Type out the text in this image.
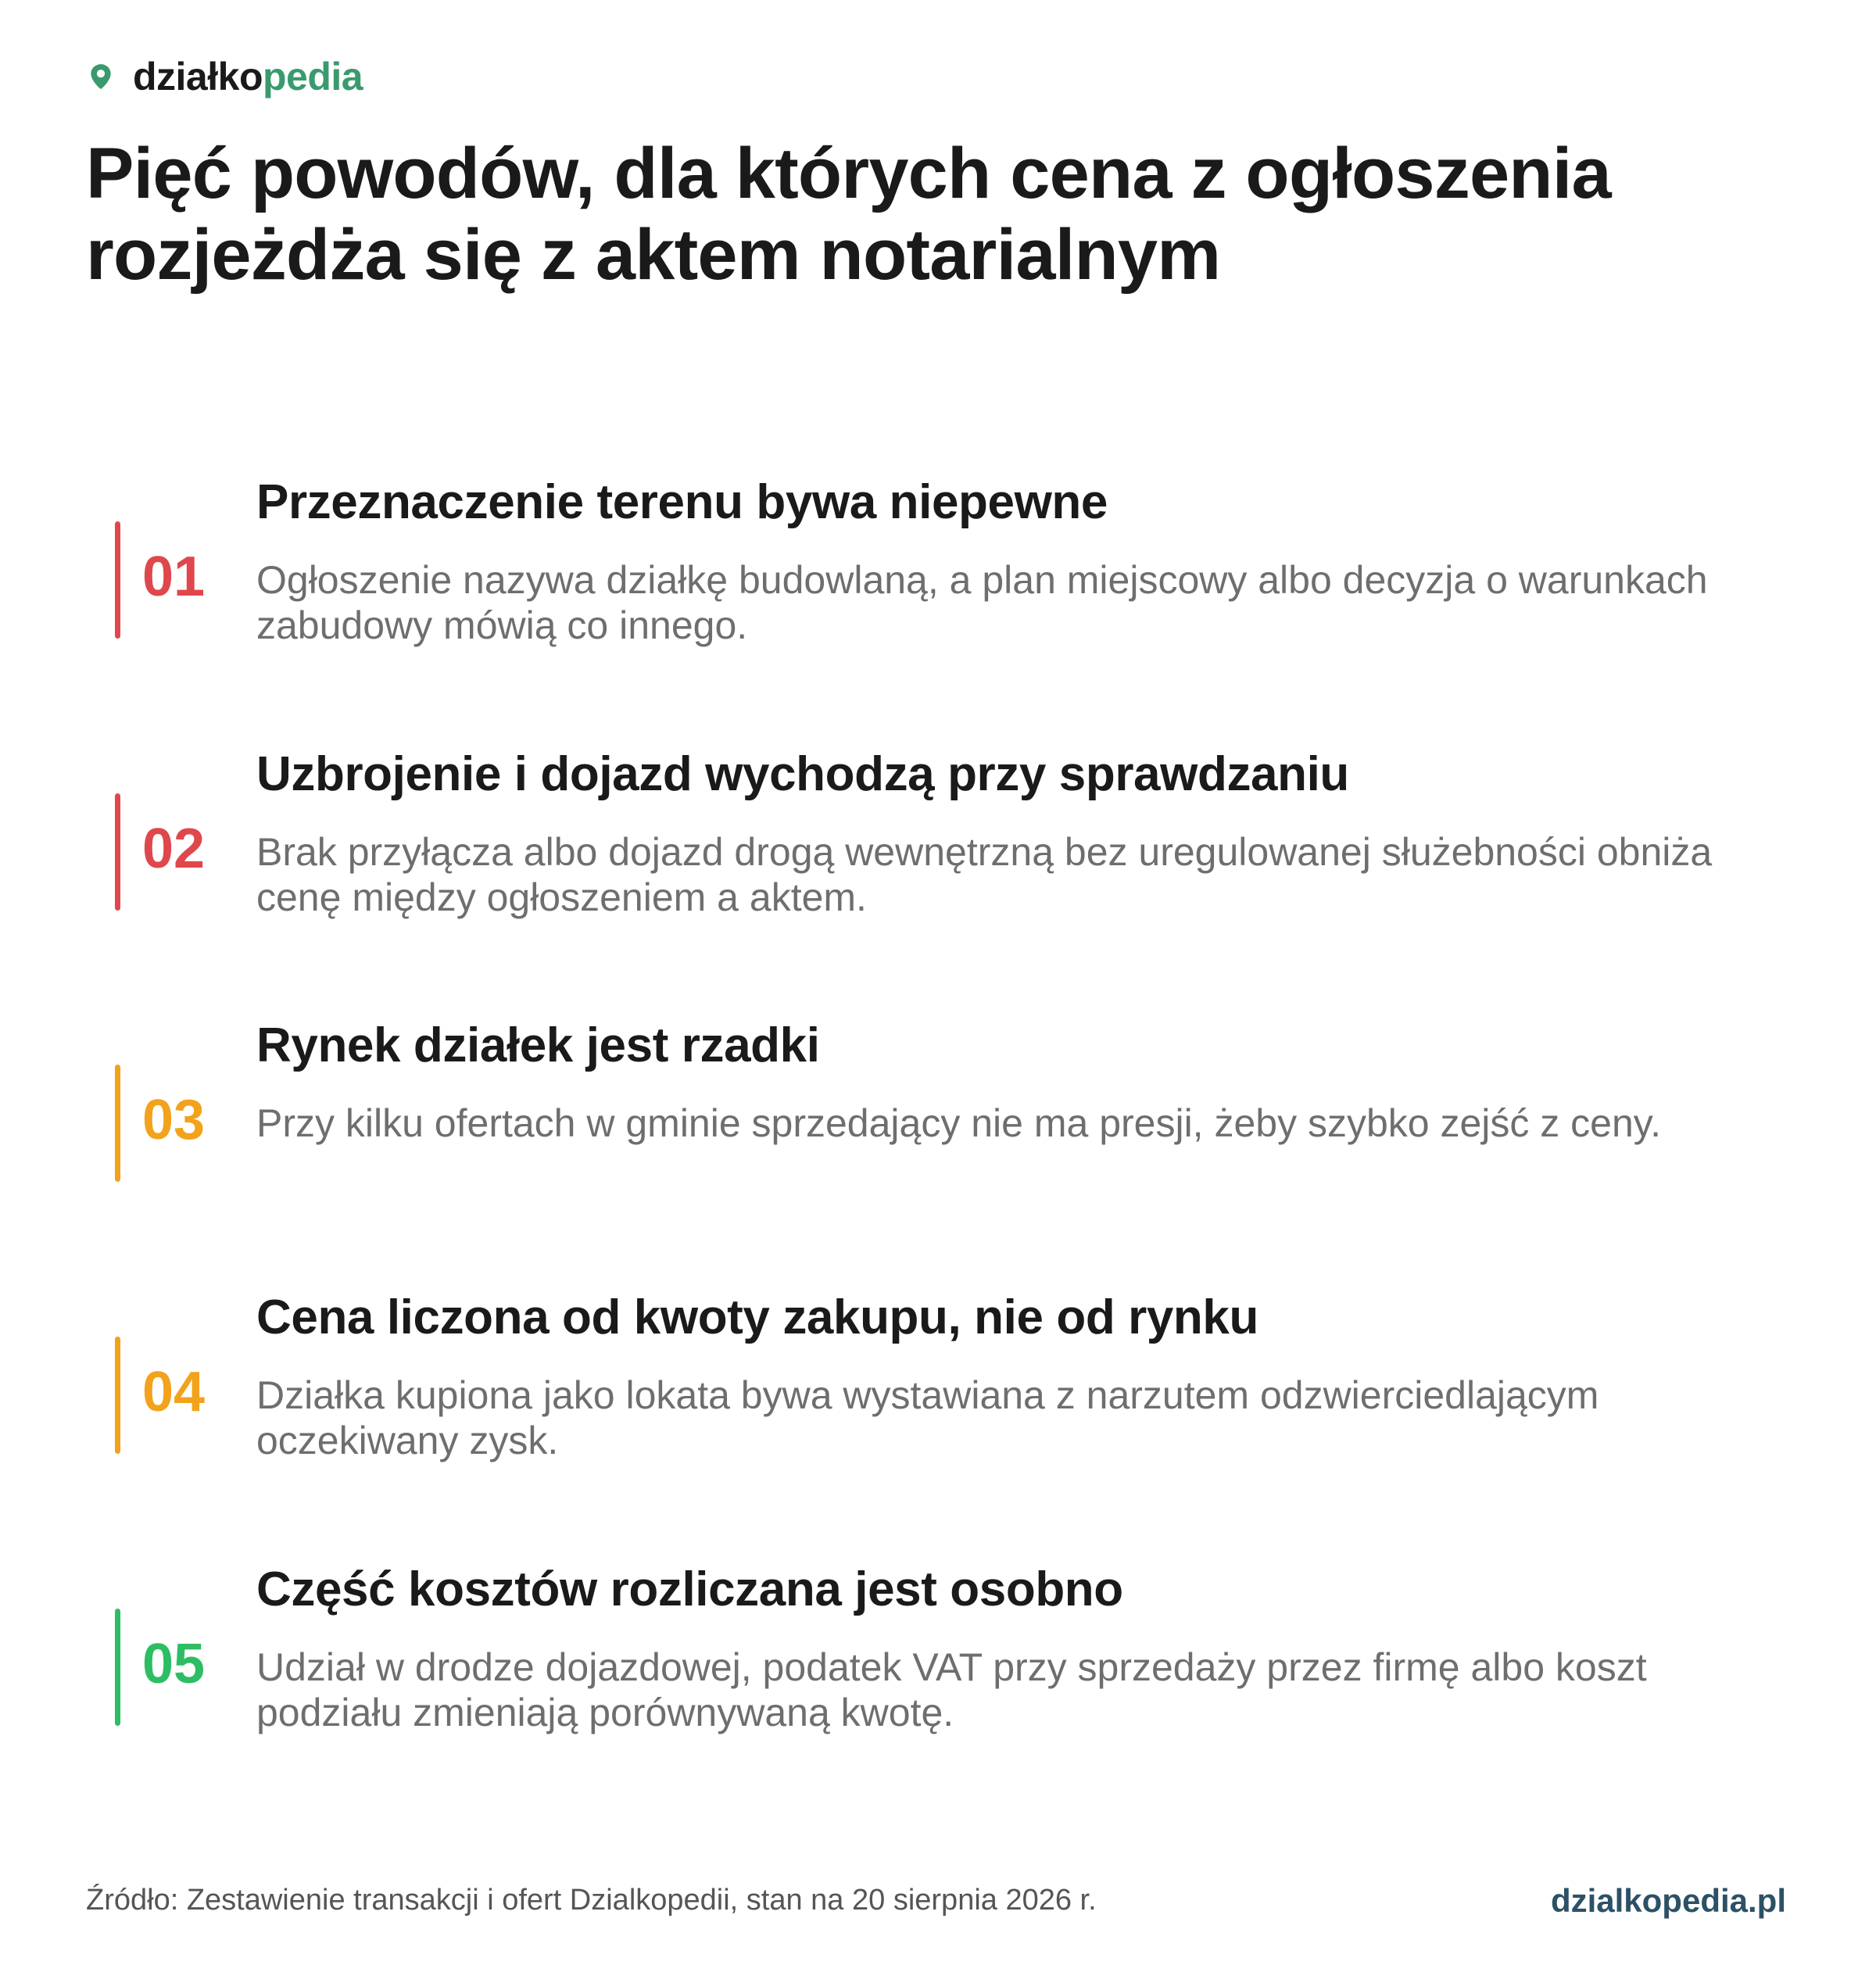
działkopedia
Pięć powodów, dla których cena z ogłoszenia rozjeżdża się z aktem notarialnym
01
Przeznaczenie terenu bywa niepewne

Ogłoszenie nazywa działkę budowlaną, a plan miejscowy albo decyzja o warunkach zabudowy mówią co innego.

02
Uzbrojenie i dojazd wychodzą przy sprawdzaniu

Brak przyłącza albo dojazd drogą wewnętrzną bez uregulowanej służebności obniża cenę między ogłoszeniem a aktem.

03
Rynek działek jest rzadki

Przy kilku ofertach w gminie sprzedający nie ma presji, żeby szybko zejść z ceny.

04
Cena liczona od kwoty zakupu, nie od rynku

Działka kupiona jako lokata bywa wystawiana z narzutem odzwierciedlającym oczekiwany zysk.

05
Część kosztów rozliczana jest osobno

Udział w drodze dojazdowej, podatek VAT przy sprzedaży przez firmę albo koszt podziału zmieniają porównywaną kwotę.

Źródło: Zestawienie transakcji i ofert Dzialkopedii, stan na 20 sierpnia 2026 r.	dzialkopedia.pl
